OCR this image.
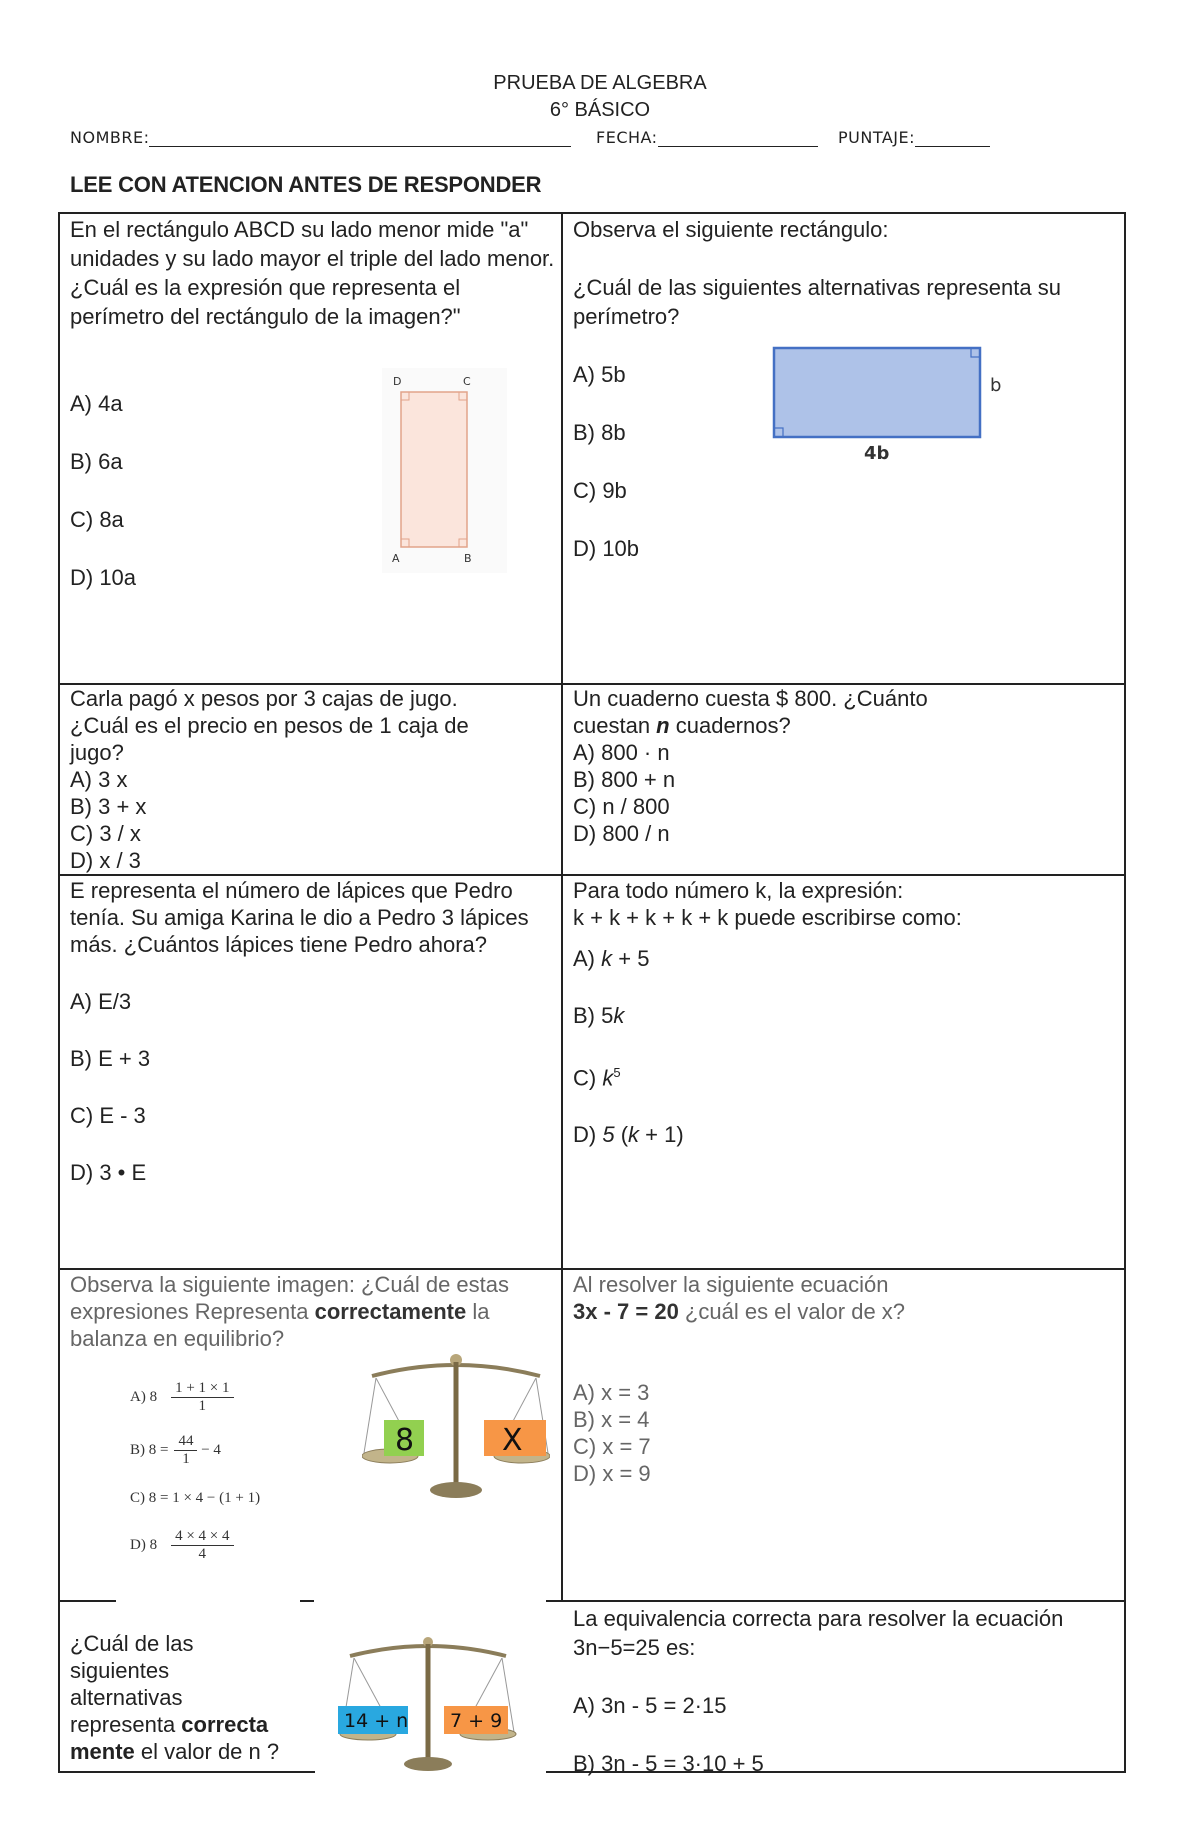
PRUEBA DE ALGEBRA
6° BÁSICO
NOMBRE:	FECHA:	PUNTAJE:
LEE CON ATENCION ANTES DE RESPONDER

En el rectángulo ABCD su lado menor mide "a" unidades y su lado mayor el triple del lado menor. ¿Cuál es la expresión que representa el perímetro del rectángulo de la imagen?"

A) 4a

B) 6a

C) 8a

D) 10a

D	C
A	B

Observa el siguiente rectángulo:

¿Cuál de las siguientes alternativas representa su perímetro?

A) 5b

B) 8b

C) 9b

D) 10b

b
4b

Carla pagó x pesos por 3 cajas de jugo.

¿Cuál es el precio en pesos de 1 caja de

jugo?

A) 3 x

B) 3 + x

C) 3 / x

D) x / 3

Un cuaderno cuesta $ 800. ¿Cuánto

cuestan n cuadernos?

A) 800 · n

B) 800 + n

C) n / 800

D) 800 / n

E representa el número de lápices que Pedro tenía. Su amiga Karina le dio a Pedro 3 lápices más. ¿Cuántos lápices tiene Pedro ahora?

A) E/3

B) E + 3

C) E - 3

D) 3 • E

Para todo número k, la expresión:

k + k + k + k + k puede escribirse como:

A) k + 5

B) 5k

C) $k^5$

D) 5 (k + 1)

Observa la siguiente imagen: ¿Cuál de estas expresiones Representa correctamente la balanza en equilibrio?

A) $8 \frac{1 + 1 \times 1}{1}$
B) $8 = \frac{44}{1} - 4$
C) 8 = 1 × 4 − (1 + 1)
D) $8 \frac{4 \times 4 \times 4}{4}$
8	X

Al resolver la siguiente ecuación

3x - 7 = 20 ¿cuál es el valor de x?

A) x = 3

B) x = 4

C) x = 7

D) x = 9

¿Cuál de las

siguientes

alternativas

representa correcta

mente el valor de n ?

14 + n 7 + 9

La equivalencia correcta para resolver la ecuación 3n−5=25 es:

A) 3n - 5 = 2·15

B) 3n - 5 = 3·10 + 5
